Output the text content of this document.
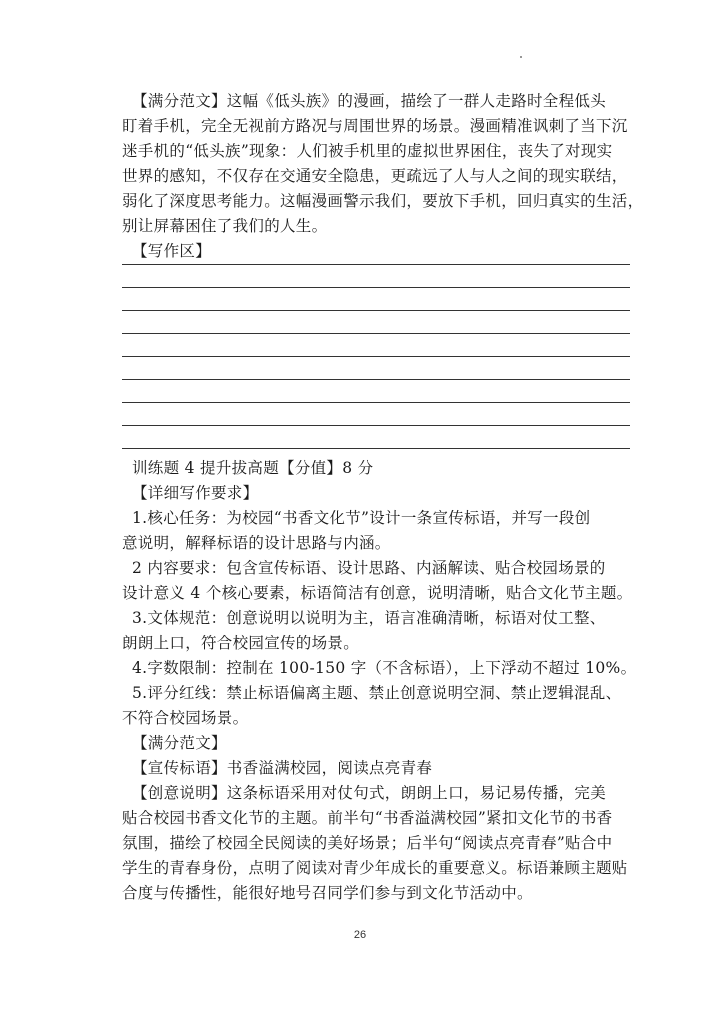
【满分范文】这幅《低头族》的漫画，描绘了一群人走路时全程低头
盯着手机，完全无视前方路况与周围世界的场景。漫画精准讽刺了当下沉
迷手机的“低头族”现象：人们被手机里的虚拟世界困住，丧失了对现实
世界的感知，不仅存在交通安全隐患，更疏远了人与人之间的现实联结，
弱化了深度思考能力。这幅漫画警示我们，要放下手机，回归真实的生活，
别让屏幕困住了我们的人生。
【写作区】
训练题 4 提升拔高题【分值】8 分
【详细写作要求】
1.核心任务：为校园“书香文化节”设计一条宣传标语，并写一段创
意说明，解释标语的设计思路与内涵。
2 内容要求：包含宣传标语、设计思路、内涵解读、贴合校园场景的
设计意义 4 个核心要素，标语简洁有创意，说明清晰，贴合文化节主题。
3.文体规范：创意说明以说明为主，语言准确清晰，标语对仗工整、
朗朗上口，符合校园宣传的场景。
4.字数限制：控制在 100-150 字（不含标语），上下浮动不超过 10%。
5.评分红线：禁止标语偏离主题、禁止创意说明空洞、禁止逻辑混乱、
不符合校园场景。
【满分范文】
【宣传标语】书香溢满校园，阅读点亮青春
【创意说明】这条标语采用对仗句式，朗朗上口，易记易传播，完美
贴合校园书香文化节的主题。前半句“书香溢满校园”紧扣文化节的书香
氛围，描绘了校园全民阅读的美好场景；后半句“阅读点亮青春”贴合中
学生的青春身份，点明了阅读对青少年成长的重要意义。标语兼顾主题贴
合度与传播性，能很好地号召同学们参与到文化节活动中。
26
